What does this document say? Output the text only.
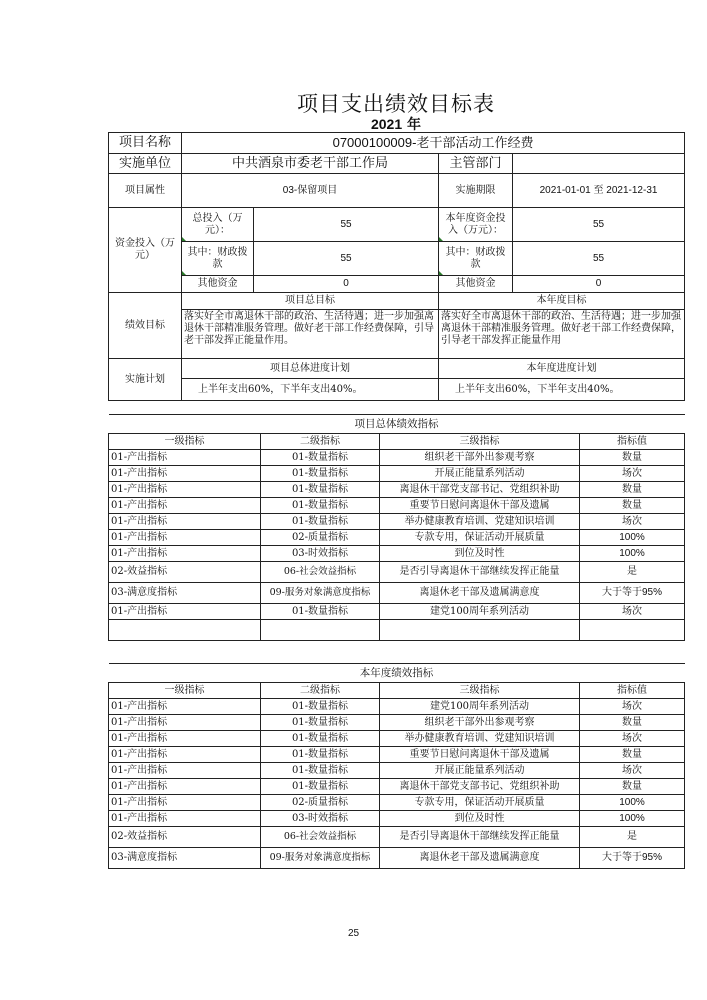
项目支出绩效目标表
2021 年
项目名称	07000100009-老干部活动工作经费			
实施单位	中共酒泉市委老干部工作局		主管部门	
项目属性	03-保留项目		实施期限	2021-01-01 至 2021-12-31
资金投入（万元）	总投入（万元）：	55	本年度资金投入（万元）：	55
	其中：财政拨款	55	其中：财政拨款	55
	其他资金	0	其他资金	0
绩效目标	项目总目标		本年度目标	
	落实好全市离退休干部的政治、生活待遇；进一步加强离退休干部精准服务管理。做好老干部工作经费保障，引导老干部发挥正能量作用。		落实好全市离退休干部的政治、生活待遇；进一步加强离退休干部精准服务管理。做好老干部工作经费保障，引导老干部发挥正能量作用	
实施计划	项目总体进度计划		本年度进度计划	
	上半年支出60%，下半年支出40%。		上半年支出60%，下半年支出40%。	
项目总体绩效指标			
一级指标	二级指标	三级指标	指标值
01-产出指标	01-数量指标	组织老干部外出参观考察	数量
01-产出指标	01-数量指标	开展正能量系列活动	场次
01-产出指标	01-数量指标	离退休干部党支部书记、党组织补助	数量
01-产出指标	01-数量指标	重要节日慰问离退休干部及遗属	数量
01-产出指标	01-数量指标	举办健康教育培训、党建知识培训	场次
01-产出指标	02-质量指标	专款专用，保证活动开展质量	100%
01-产出指标	03-时效指标	到位及时性	100%
02-效益指标	06-社会效益指标	是否引导离退休干部继续发挥正能量	是
03-满意度指标	09-服务对象满意度指标	离退休老干部及遗属满意度	大于等于95%
01-产出指标	01-数量指标	建党100周年系列活动	场次

本年度绩效指标			
一级指标	二级指标	三级指标	指标值
01-产出指标	01-数量指标	建党100周年系列活动	场次
01-产出指标	01-数量指标	组织老干部外出参观考察	数量
01-产出指标	01-数量指标	举办健康教育培训、党建知识培训	场次
01-产出指标	01-数量指标	重要节日慰问离退休干部及遗属	数量
01-产出指标	01-数量指标	开展正能量系列活动	场次
01-产出指标	01-数量指标	离退休干部党支部书记、党组织补助	数量
01-产出指标	02-质量指标	专款专用，保证活动开展质量	100%
01-产出指标	03-时效指标	到位及时性	100%
02-效益指标	06-社会效益指标	是否引导离退休干部继续发挥正能量	是
03-满意度指标	09-服务对象满意度指标	离退休老干部及遗属满意度	大于等于95%
25
